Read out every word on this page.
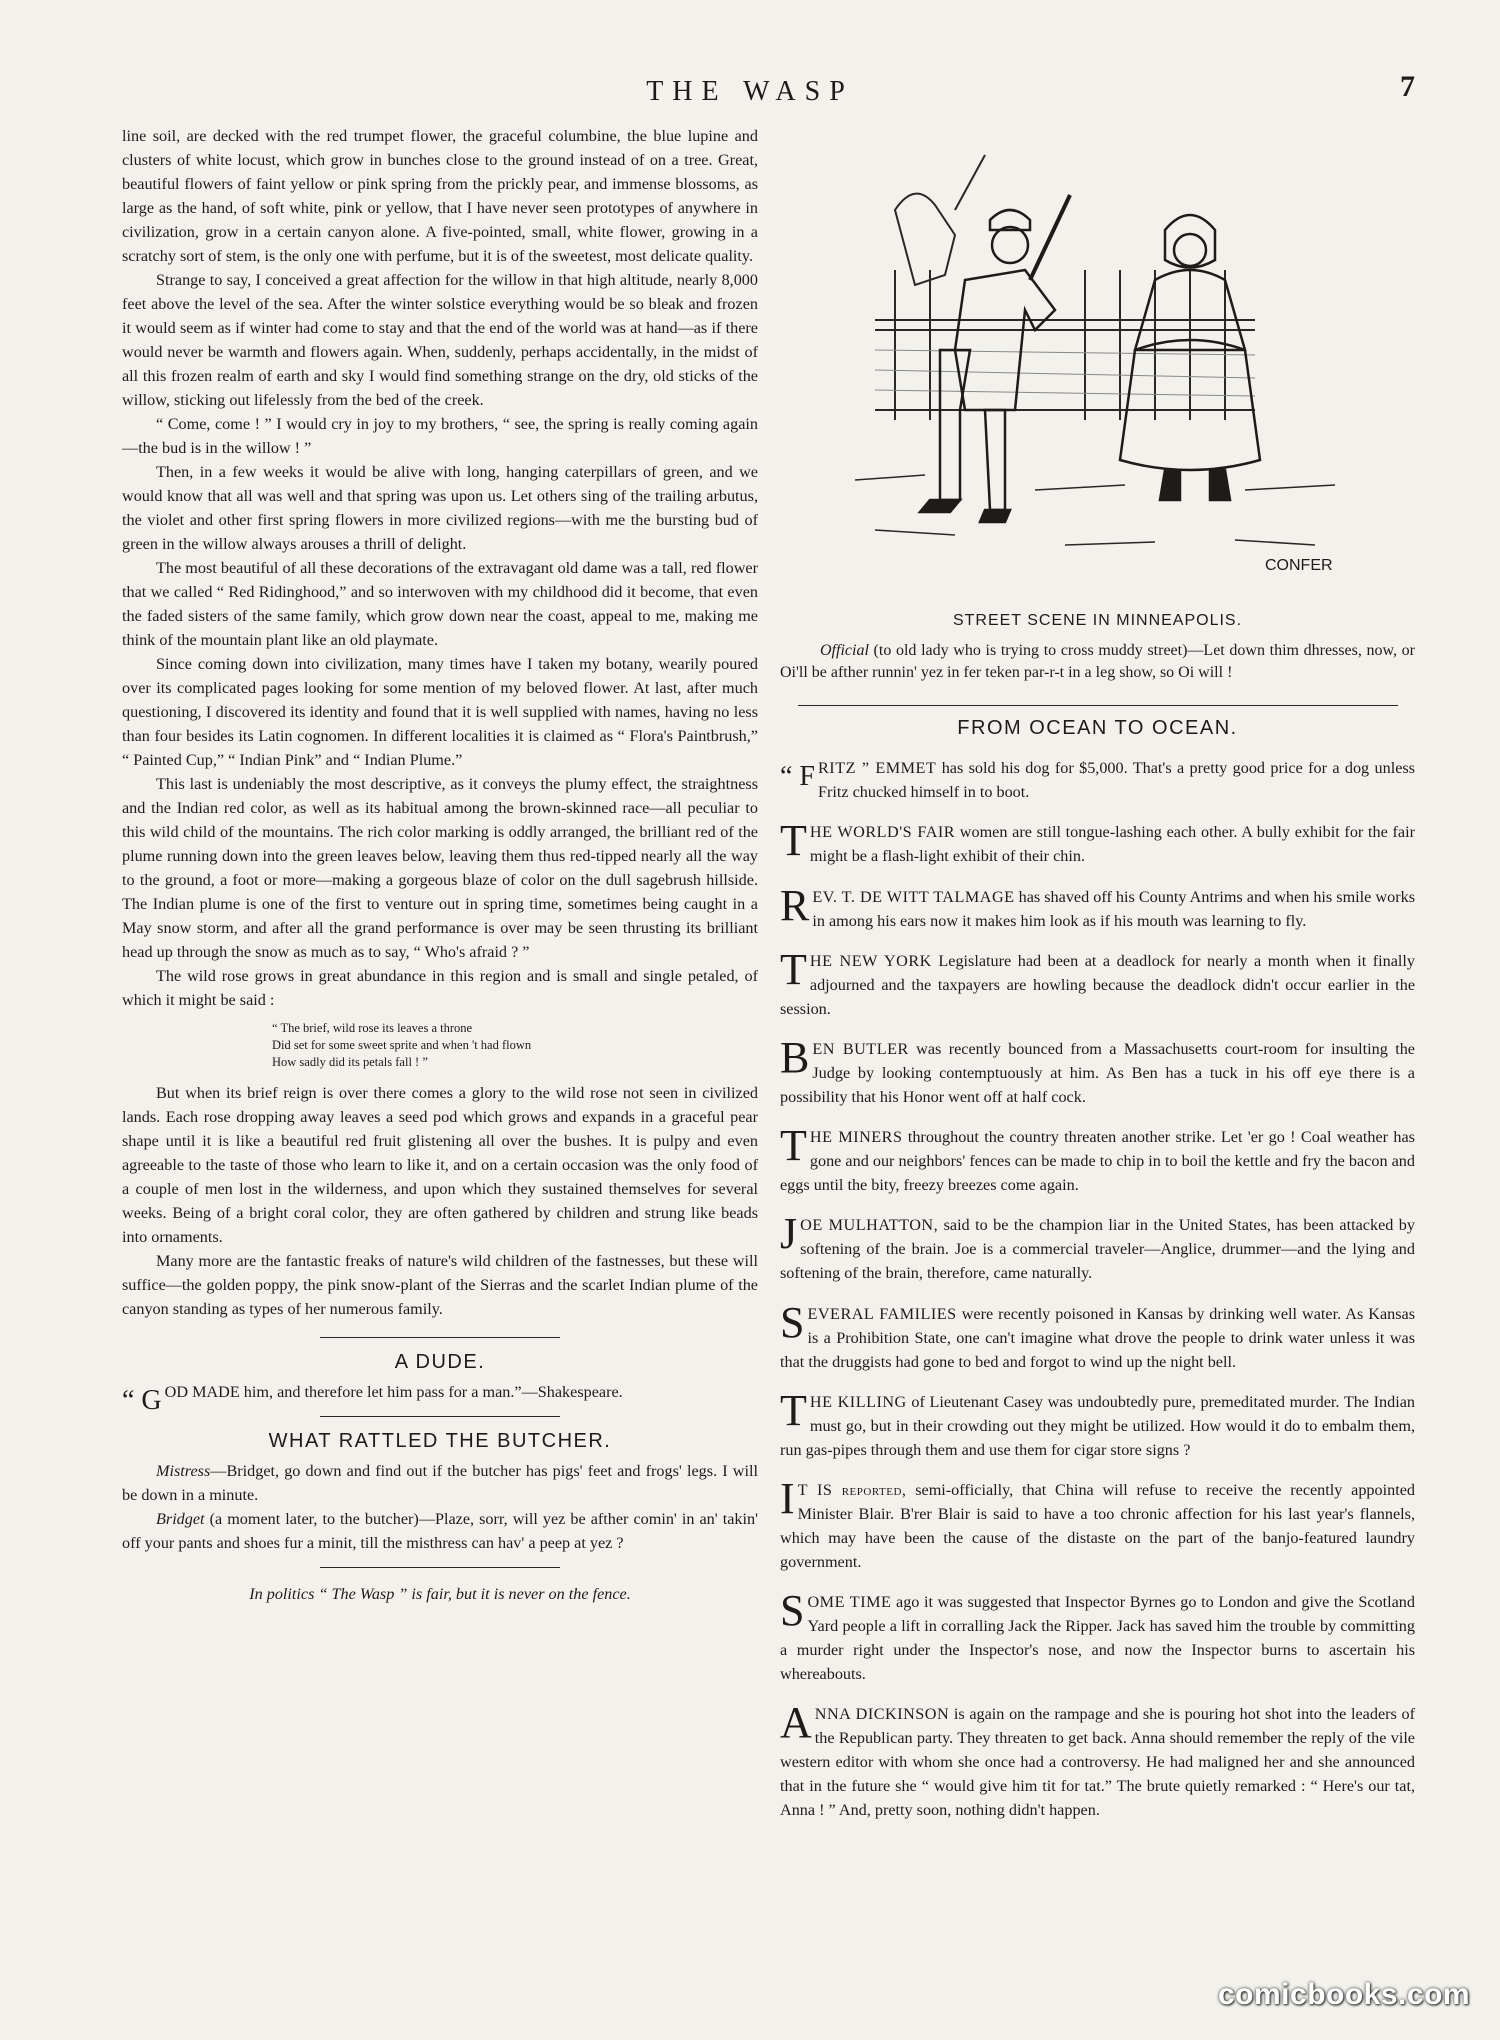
THE WASP	7

line soil, are decked with the red trumpet flower, the graceful columbine, the blue lupine and clusters of white locust, which grow in bunches close to the ground instead of on a tree. Great, beautiful flowers of faint yellow or pink spring from the prickly pear, and immense blossoms, as large as the hand, of soft white, pink or yellow, that I have never seen prototypes of anywhere in civilization, grow in a certain canyon alone. A five-pointed, small, white flower, growing in a scratchy sort of stem, is the only one with perfume, but it is of the sweetest, most delicate quality.

Strange to say, I conceived a great affection for the willow in that high altitude, nearly 8,000 feet above the level of the sea. After the winter solstice everything would be so bleak and frozen it would seem as if winter had come to stay and that the end of the world was at hand—as if there would never be warmth and flowers again. When, suddenly, perhaps accidentally, in the midst of all this frozen realm of earth and sky I would find something strange on the dry, old sticks of the willow, sticking out lifelessly from the bed of the creek.

“ Come, come ! ” I would cry in joy to my brothers, “ see, the spring is really coming again—the bud is in the willow ! ”

Then, in a few weeks it would be alive with long, hanging caterpillars of green, and we would know that all was well and that spring was upon us. Let others sing of the trailing arbutus, the violet and other first spring flowers in more civilized regions—with me the bursting bud of green in the willow always arouses a thrill of delight.

The most beautiful of all these decorations of the extravagant old dame was a tall, red flower that we called “ Red Ridinghood,” and so interwoven with my childhood did it become, that even the faded sisters of the same family, which grow down near the coast, appeal to me, making me think of the mountain plant like an old playmate.

Since coming down into civilization, many times have I taken my botany, wearily poured over its complicated pages looking for some mention of my beloved flower. At last, after much questioning, I discovered its identity and found that it is well supplied with names, having no less than four besides its Latin cognomen. In different localities it is claimed as “ Flora's Paintbrush,” “ Painted Cup,” “ Indian Pink” and “ Indian Plume.”

This last is undeniably the most descriptive, as it conveys the plumy effect, the straightness and the Indian red color, as well as its habitual among the brown-skinned race—all peculiar to this wild child of the mountains. The rich color marking is oddly arranged, the brilliant red of the plume running down into the green leaves below, leaving them thus red-tipped nearly all the way to the ground, a foot or more—making a gorgeous blaze of color on the dull sagebrush hillside. The Indian plume is one of the first to venture out in spring time, sometimes being caught in a May snow storm, and after all the grand performance is over may be seen thrusting its brilliant head up through the snow as much as to say, “ Who's afraid ? ”

The wild rose grows in great abundance in this region and is small and single petaled, of which it might be said :

“ The brief, wild rose its leaves a throne
Did set for some sweet sprite and when 't had flown
How sadly did its petals fall ! ”

But when its brief reign is over there comes a glory to the wild rose not seen in civilized lands. Each rose dropping away leaves a seed pod which grows and expands in a graceful pear shape until it is like a beautiful red fruit glistening all over the bushes. It is pulpy and even agreeable to the taste of those who learn to like it, and on a certain occasion was the only food of a couple of men lost in the wilderness, and upon which they sustained themselves for several weeks. Being of a bright coral color, they are often gathered by children and strung like beads into ornaments.

Many more are the fantastic freaks of nature's wild children of the fastnesses, but these will suffice—the golden poppy, the pink snow-plant of the Sierras and the scarlet Indian plume of the canyon standing as types of her numerous family.

A DUDE.

“ G OD MADE him, and therefore let him pass for a man.”—Shakespeare.

WHAT RATTLED THE BUTCHER.

Mistress—Bridget, go down and find out if the butcher has pigs' feet and frogs' legs. I will be down in a minute.

Bridget (a moment later, to the butcher)—Plaze, sorr, will yez be afther comin' in an' takin' off your pants and shoes fur a minit, till the misthress can hav' a peep at yez ?

In politics “ The Wasp ” is fair, but it is never on the fence.
CONFER
STREET SCENE IN MINNEAPOLIS.
Official (to old lady who is trying to cross muddy street)—Let down thim dhresses, now, or Oi'll be afther runnin' yez in fer teken par-r-t in a leg show, so Oi will !
FROM OCEAN TO OCEAN.

“ F RITZ ” EMMET has sold his dog for $5,000. That's a pretty good price for a dog unless Fritz chucked himself in to boot.

THE WORLD'S FAIR women are still tongue-lashing each other. A bully exhibit for the fair might be a flash-light exhibit of their chin.

REV. T. DE WITT TALMAGE has shaved off his County Antrims and when his smile works in among his ears now it makes him look as if his mouth was learning to fly.

THE NEW YORK Legislature had been at a deadlock for nearly a month when it finally adjourned and the taxpayers are howling because the deadlock didn't occur earlier in the session.

BEN BUTLER was recently bounced from a Massachusetts court-room for insulting the Judge by looking contemptuously at him. As Ben has a tuck in his off eye there is a possibility that his Honor went off at half cock.

THE MINERS throughout the country threaten another strike. Let 'er go ! Coal weather has gone and our neighbors' fences can be made to chip in to boil the kettle and fry the bacon and eggs until the bity, freezy breezes come again.

JOE MULHATTON, said to be the champion liar in the United States, has been attacked by softening of the brain. Joe is a commercial traveler—Anglice, drummer—and the lying and softening of the brain, therefore, came naturally.

SEVERAL FAMILIES were recently poisoned in Kansas by drinking well water. As Kansas is a Prohibition State, one can't imagine what drove the people to drink water unless it was that the druggists had gone to bed and forgot to wind up the night bell.

THE KILLING of Lieutenant Casey was undoubtedly pure, premeditated murder. The Indian must go, but in their crowding out they might be utilized. How would it do to embalm them, run gas-pipes through them and use them for cigar store signs ?

I T IS reported, semi-officially, that China will refuse to receive the recently appointed Minister Blair. B'rer Blair is said to have a too chronic affection for his last year's flannels, which may have been the cause of the distaste on the part of the banjo-featured laundry government.

SOME TIME ago it was suggested that Inspector Byrnes go to London and give the Scotland Yard people a lift in corralling Jack the Ripper. Jack has saved him the trouble by committing a murder right under the Inspector's nose, and now the Inspector burns to ascertain his whereabouts.

ANNA DICKINSON is again on the rampage and she is pouring hot shot into the leaders of the Republican party. They threaten to get back. Anna should remember the reply of the vile western editor with whom she once had a controversy. He had maligned her and she announced that in the future she “ would give him tit for tat.” The brute quietly remarked : “ Here's our tat, Anna ! ” And, pretty soon, nothing didn't happen.

comicbooks.com
